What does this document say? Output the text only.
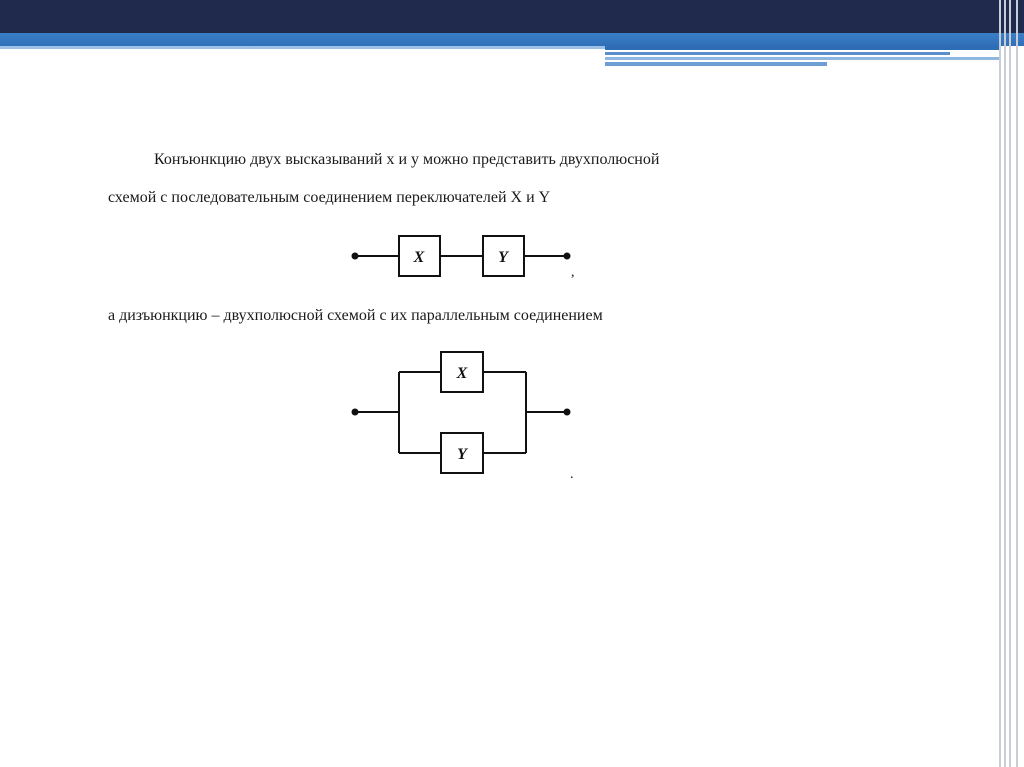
Конъюнкцию двух высказываний x и y можно представить двухполюсной

схемой с последовательным соединением переключателей X и Y

а дизъюнкцию – двухполюсной схемой с их параллельным соединением

X	Y
,
X
Y
.
